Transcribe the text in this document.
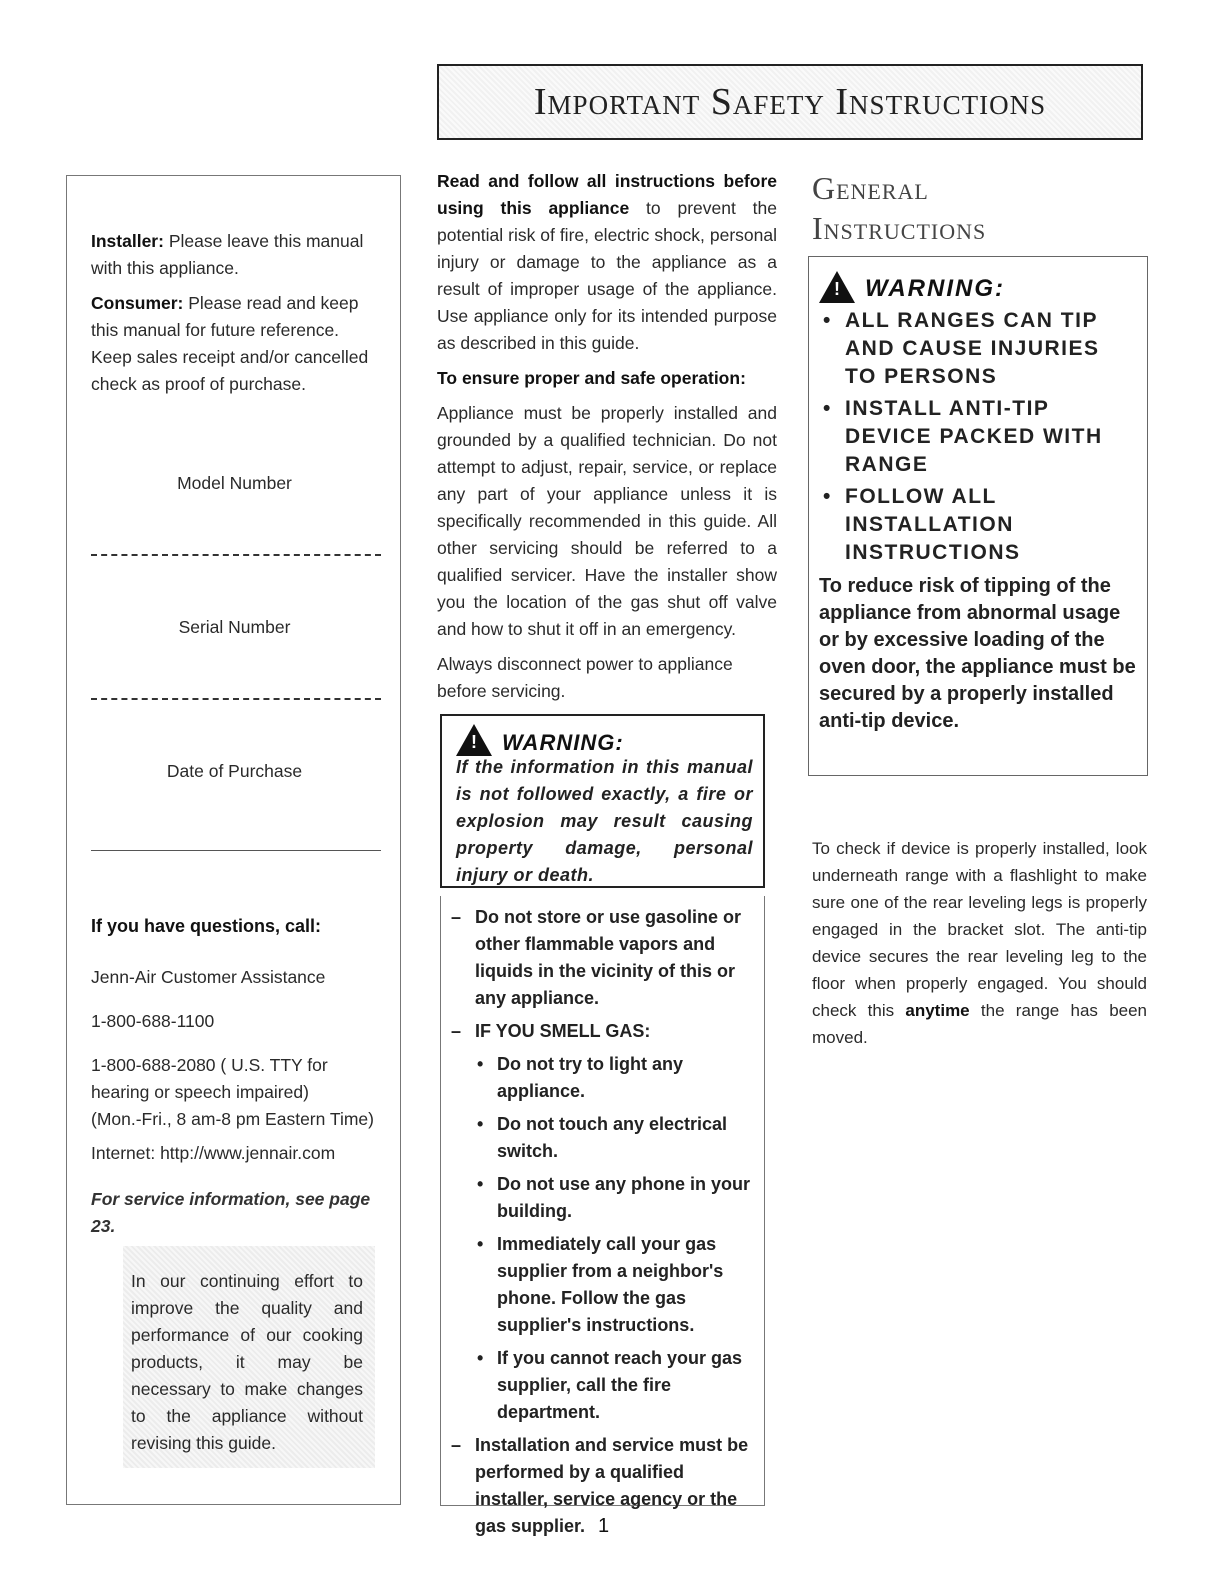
Important Safety Instructions
Installer: Please leave this manual with this appliance.
Consumer: Please read and keep this manual for future reference. Keep sales receipt and/or cancelled check as proof of purchase.
Model Number
Serial Number
Date of Purchase
If you have questions, call:
Jenn-Air Customer Assistance
1-800-688-1100
1-800-688-2080 ( U.S. TTY for hearing or speech impaired)
(Mon.-Fri., 8 am-8 pm Eastern Time)
Internet: http://www.jennair.com
For service information, see page 23.
In our continuing effort to improve the quality and performance of our cooking products, it may be necessary to make changes to the appliance without revising this guide.

Read and follow all instructions before using this appliance to prevent the potential risk of fire, electric shock, personal injury or damage to the appliance as a result of improper usage of the appliance. Use appliance only for its intended purpose as described in this guide.

To ensure proper and safe operation:

Appliance must be properly installed and grounded by a qualified technician. Do not attempt to adjust, repair, service, or replace any part of your appliance unless it is specifically recommended in this guide. All other servicing should be referred to a qualified servicer. Have the installer show you the location of the gas shut off valve and how to shut it off in an emergency.

Always disconnect power to appliance before servicing.

!WARNING:
If the information in this manual is not followed exactly, a fire or explosion may result causing property damage, personal injury or death.
– Do not store or use gasoline or other flammable vapors and liquids in the vicinity of this or any appliance.
– IF YOU SMELL GAS:
• Do not try to light any appliance.
• Do not touch any electrical switch.
• Do not use any phone in your building.
• Immediately call your gas supplier from a neighbor's phone. Follow the gas supplier's instructions.
• If you cannot reach your gas supplier, call the fire department.
– Installation and service must be performed by a qualified installer, service agency or the gas supplier.
General
Instructions
!WARNING:
• ALL RANGES CAN TIP AND CAUSE INJURIES TO PERSONS
• INSTALL ANTI-TIP DEVICE PACKED WITH RANGE
• FOLLOW ALL INSTALLATION INSTRUCTIONS
To reduce risk of tipping of the appliance from abnormal usage or by excessive loading of the oven door, the appliance must be secured by a properly installed anti-tip device.
To check if device is properly installed, look underneath range with a flashlight to make sure one of the rear leveling legs is properly engaged in the bracket slot. The anti-tip device secures the rear leveling leg to the floor when properly engaged. You should check this anytime the range has been moved.
1
